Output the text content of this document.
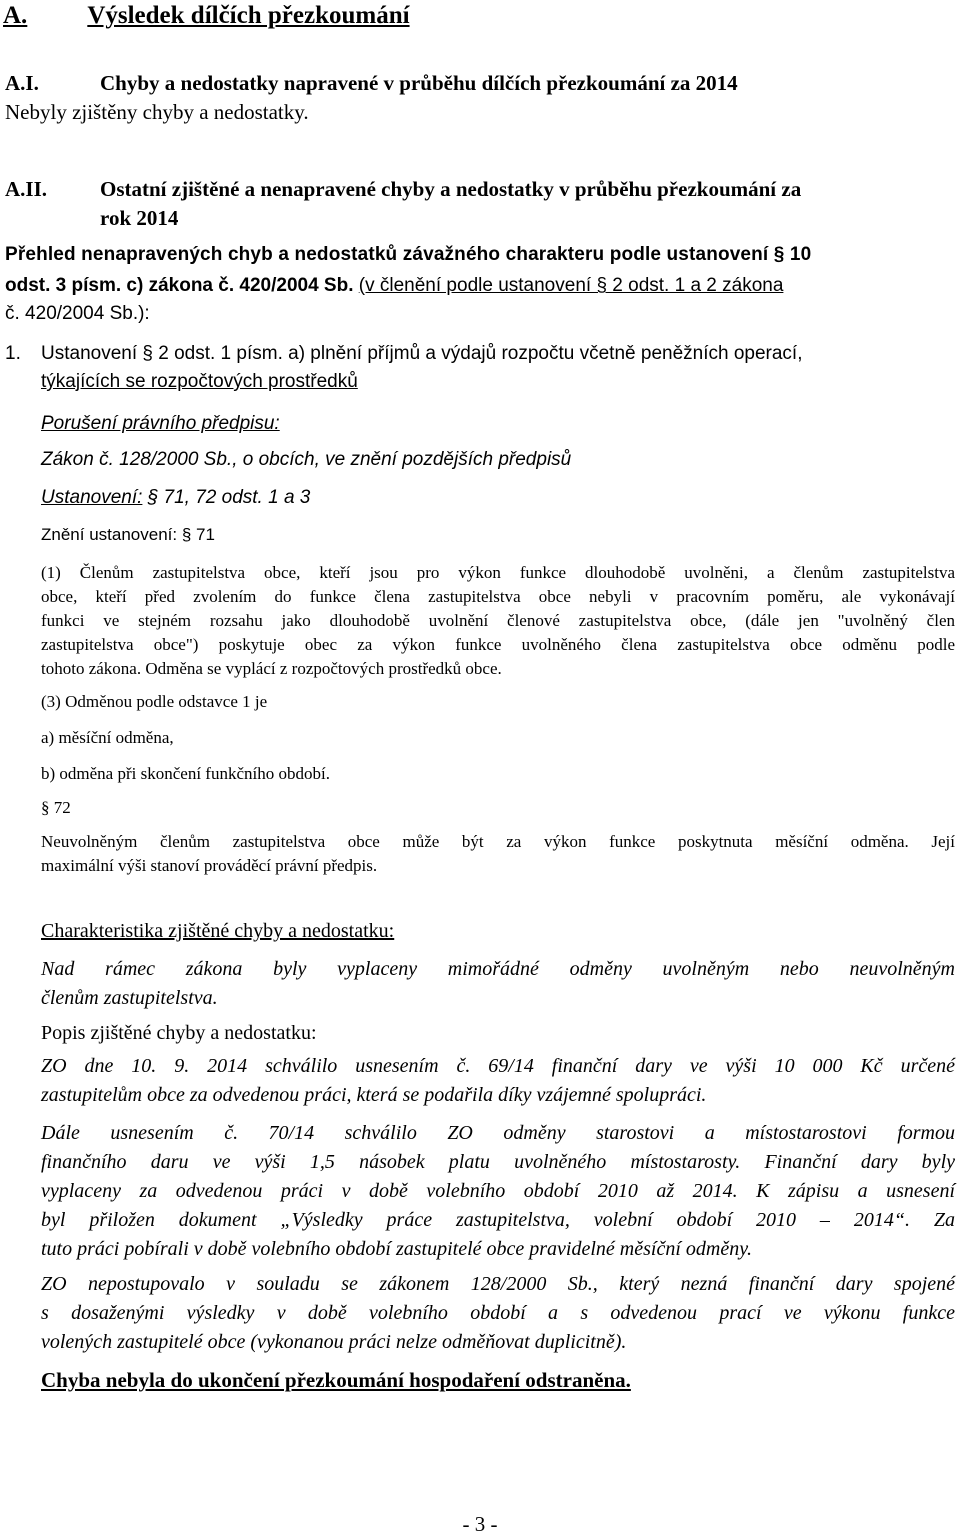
A. Výsledek dílčích přezkoumání
A.I.	Chyby a nedostatky napravené v průběhu dílčích přezkoumání za 2014
Nebyly zjištěny chyby a nedostatky.
A.II.	Ostatní zjištěné a nenapravené chyby a nedostatky v průběhu přezkoumání za
rok 2014
Přehled nenapravených chyb a nedostatků závažného charakteru podle ustanovení § 10
odst. 3 písm. c) zákona č. 420/2004 Sb. (v členění podle ustanovení § 2 odst. 1 a 2 zákona
č. 420/2004 Sb.):
1. Ustanovení § 2 odst. 1 písm. a) plnění příjmů a výdajů rozpočtu včetně peněžních operací,
týkajících se rozpočtových prostředků
Porušení právního předpisu:
Zákon č. 128/2000 Sb., o obcích, ve znění pozdějších předpisů
Ustanovení: § 71, 72 odst. 1 a 3
Znění ustanovení: § 71
(1) Členům zastupitelstva obce, kteří jsou pro výkon funkce dlouhodobě uvolněni, a členům zastupitelstva
obce, kteří před zvolením do funkce člena zastupitelstva obce nebyli v pracovním poměru, ale vykonávají
funkci ve stejném rozsahu jako dlouhodobě uvolnění členové zastupitelstva obce, (dále jen "uvolněný člen
zastupitelstva obce") poskytuje obec za výkon funkce uvolněného člena zastupitelstva obce odměnu podle
tohoto zákona. Odměna se vyplácí z rozpočtových prostředků obce.
(3) Odměnou podle odstavce 1 je
a) měsíční odměna,
b) odměna při skončení funkčního období.
§ 72
Neuvolněným členům zastupitelstva obce může být za výkon funkce poskytnuta měsíční odměna. Její
maximální výši stanoví prováděcí právní předpis.
Charakteristika zjištěné chyby a nedostatku:
Nad rámec zákona byly vyplaceny mimořádné odměny uvolněným nebo neuvolněným
členům zastupitelstva.
Popis zjištěné chyby a nedostatku:
ZO dne 10. 9. 2014 schválilo usnesením č. 69/14 finanční dary ve výši 10 000 Kč určené
zastupitelům obce za odvedenou práci, která se podařila díky vzájemné spolupráci.
Dále usnesením č. 70/14 schválilo ZO odměny starostovi a místostarostovi formou
finančního daru ve výši 1,5 násobek platu uvolněného místostarosty. Finanční dary byly
vyplaceny za odvedenou práci v době volebního období 2010 až 2014. K zápisu a usnesení
byl přiložen dokument „Výsledky práce zastupitelstva, volební období 2010 – 2014“. Za
tuto práci pobírali v době volebního období zastupitelé obce pravidelné měsíční odměny.
ZO nepostupovalo v souladu se zákonem 128/2000 Sb., který nezná finanční dary spojené
s dosaženými výsledky v době volebního období a s odvedenou prací ve výkonu funkce
volených zastupitelé obce (vykonanou práci nelze odměňovat duplicitně).
Chyba nebyla do ukončení přezkoumání hospodaření odstraněna.
- 3 -
